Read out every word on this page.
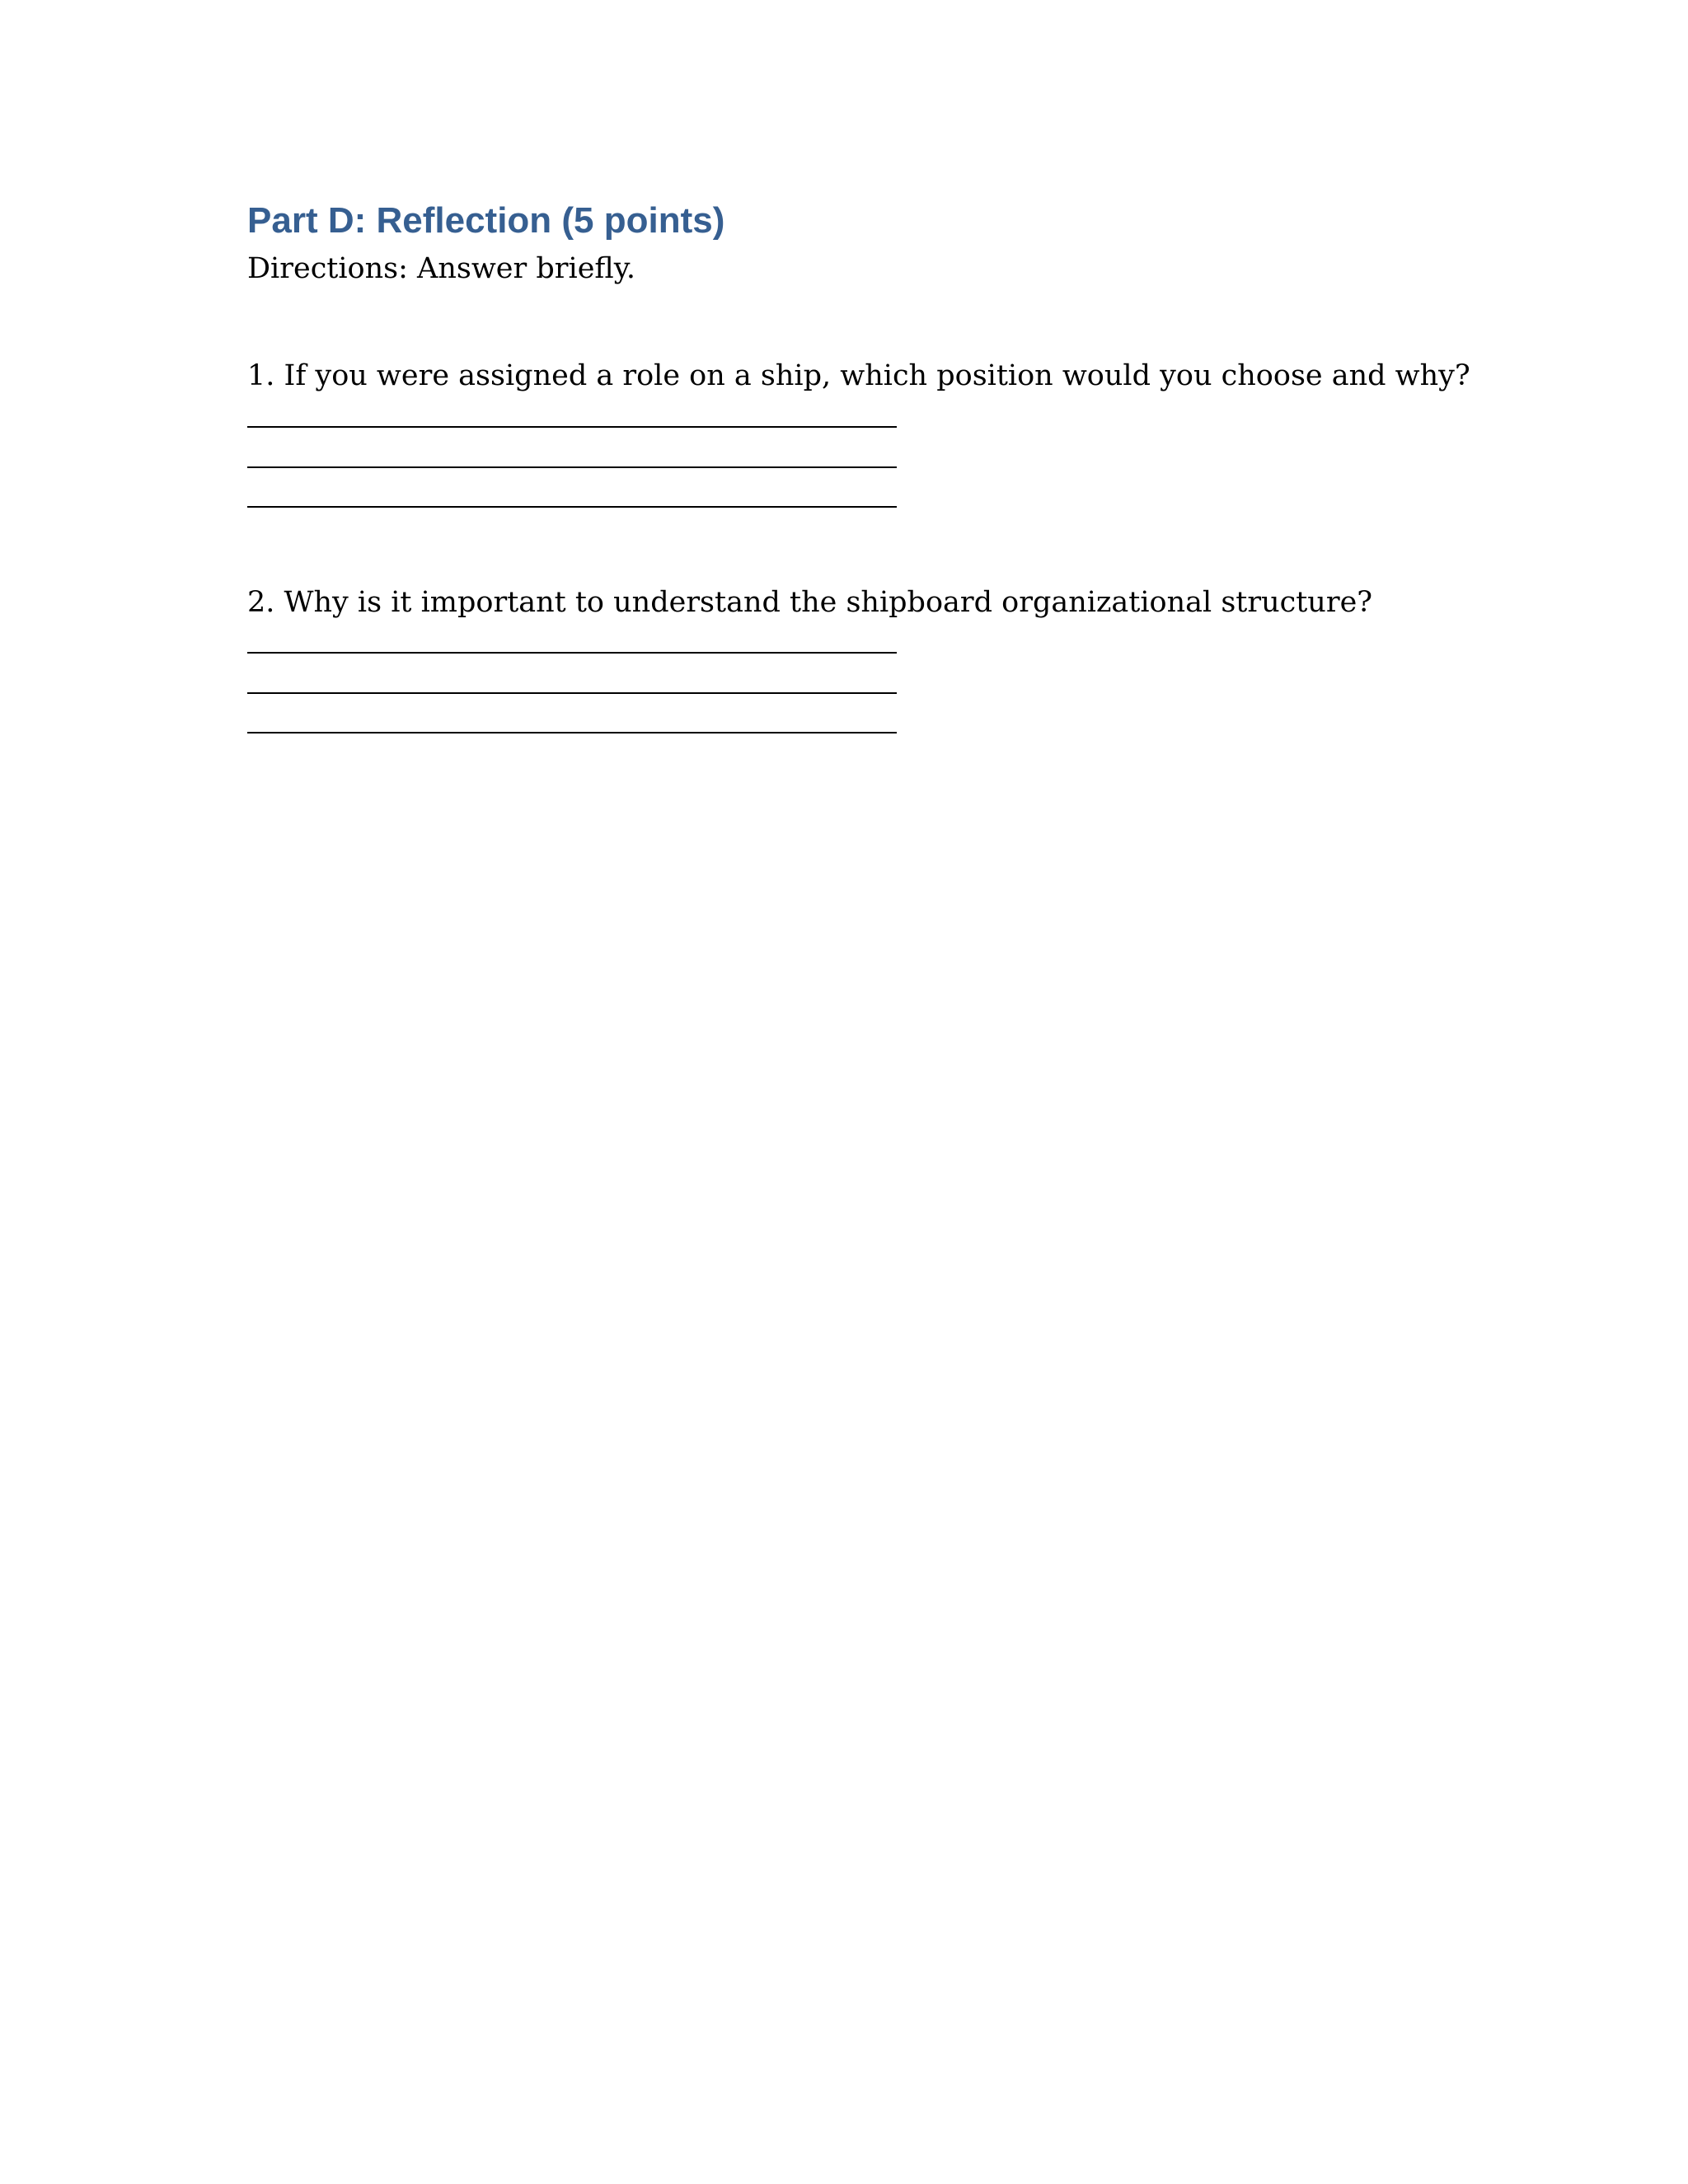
Part D: Reflection (5 points)

Directions: Answer briefly.

1. If you were assigned a role on a ship, which position would you choose and why?

2. Why is it important to understand the shipboard organizational structure?
